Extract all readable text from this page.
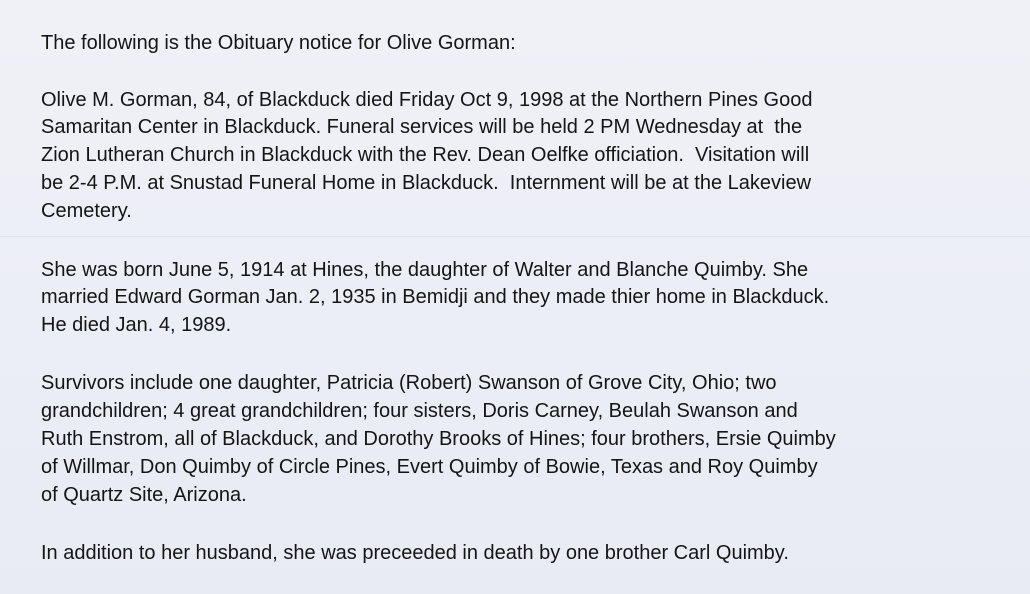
The following is the Obituary notice for Olive Gorman:

Olive M. Gorman, 84, of Blackduck died Friday Oct 9, 1998 at the Northern Pines Good

Samaritan Center in Blackduck. Funeral services will be held 2 PM Wednesday at  the

Zion Lutheran Church in Blackduck with the Rev. Dean Oelfke officiation.  Visitation will

be 2-4 P.M. at Snustad Funeral Home in Blackduck.  Internment will be at the Lakeview

Cemetery.

She was born June 5, 1914 at Hines, the daughter of Walter and Blanche Quimby. She

married Edward Gorman Jan. 2, 1935 in Bemidji and they made thier home in Blackduck.

He died Jan. 4, 1989.

Survivors include one daughter, Patricia (Robert) Swanson of Grove City, Ohio; two

grandchildren; 4 great grandchildren; four sisters, Doris Carney, Beulah Swanson and

Ruth Enstrom, all of Blackduck, and Dorothy Brooks of Hines; four brothers, Ersie Quimby

of Willmar, Don Quimby of Circle Pines, Evert Quimby of Bowie, Texas and Roy Quimby

of Quartz Site, Arizona.

In addition to her husband, she was preceeded in death by one brother Carl Quimby.
